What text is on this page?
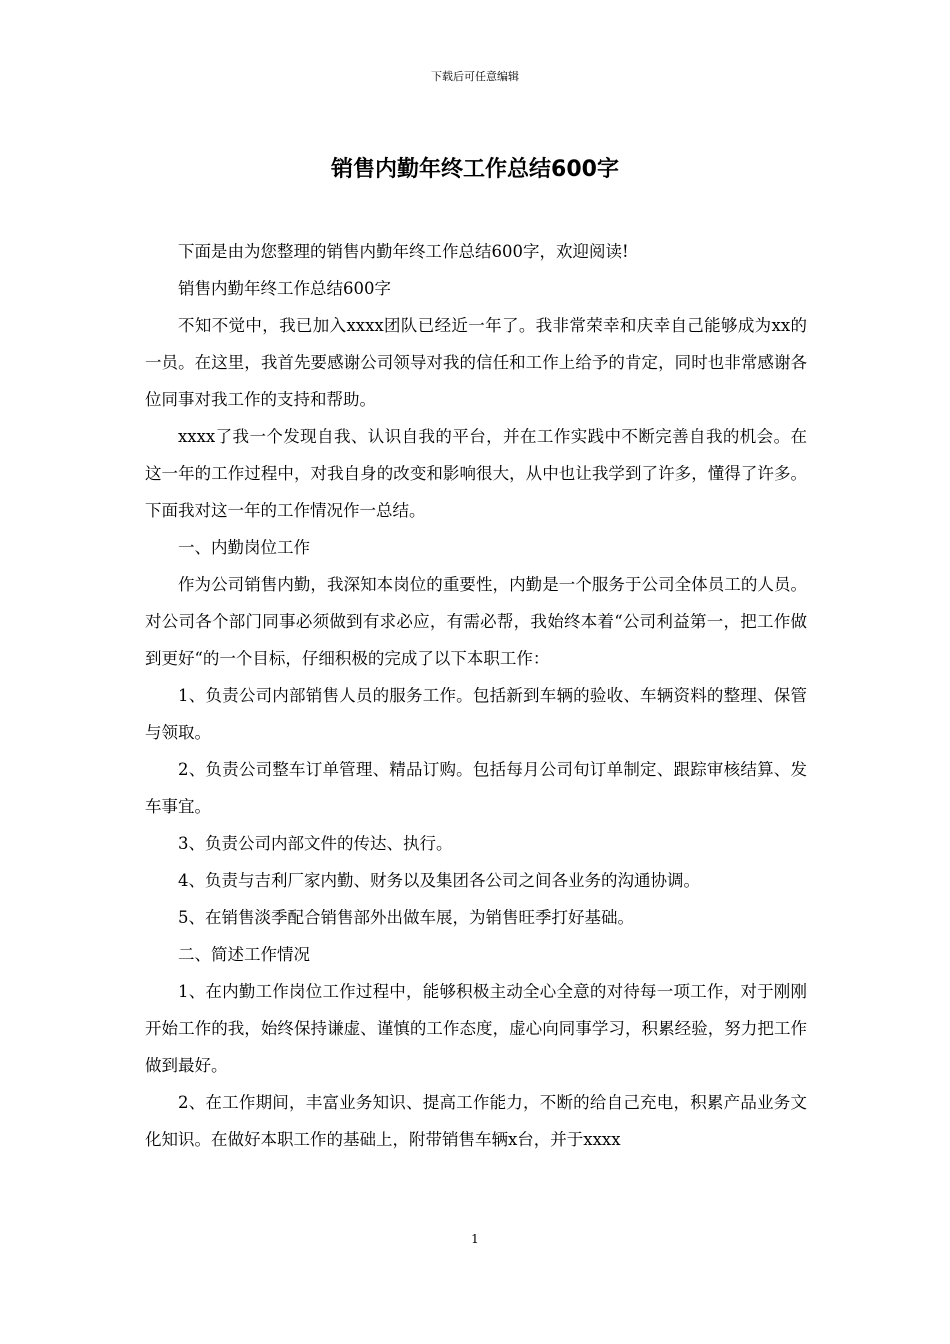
下载后可任意编辑
销售内勤年终工作总结600字

下面是由为您整理的销售内勤年终工作总结600字，欢迎阅读!

销售内勤年终工作总结600字

不知不觉中，我已加入xxxx团队已经近一年了。我非常荣幸和庆幸自己能够成为xx的一员。在这里，我首先要感谢公司领导对我的信任和工作上给予的肯定，同时也非常感谢各位同事对我工作的支持和帮助。

xxxx了我一个发现自我、认识自我的平台，并在工作实践中不断完善自我的机会。在这一年的工作过程中，对我自身的改变和影响很大，从中也让我学到了许多，懂得了许多。下面我对这一年的工作情况作一总结。

一、内勤岗位工作

作为公司销售内勤，我深知本岗位的重要性，内勤是一个服务于公司全体员工的人员。对公司各个部门同事必须做到有求必应，有需必帮，我始终本着“公司利益第一，把工作做到更好“的一个目标，仔细积极的完成了以下本职工作：

1、负责公司内部销售人员的服务工作。包括新到车辆的验收、车辆资料的整理、保管与领取。

2、负责公司整车订单管理、精品订购。包括每月公司旬订单制定、跟踪审核结算、发车事宜。

3、负责公司内部文件的传达、执行。

4、负责与吉利厂家内勤、财务以及集团各公司之间各业务的沟通协调。

5、在销售淡季配合销售部外出做车展，为销售旺季打好基础。

二、简述工作情况

1、在内勤工作岗位工作过程中，能够积极主动全心全意的对待每一项工作，对于刚刚开始工作的我，始终保持谦虚、谨慎的工作态度，虚心向同事学习，积累经验，努力把工作做到最好。

2、在工作期间，丰富业务知识、提高工作能力，不断的给自己充电，积累产品业务文化知识。在做好本职工作的基础上，附带销售车辆x台，并于xxxx

1
